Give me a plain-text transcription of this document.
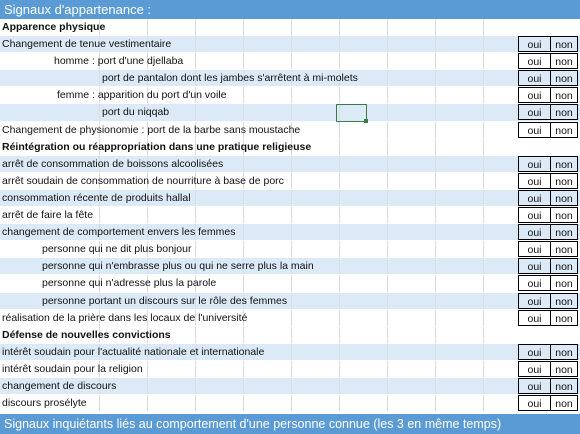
Signaux d'appartenance :
Apparence physique
Changement de tenue vestimentaire	oui	non
homme : port d'une djellaba	oui	non
port de pantalon dont les jambes s'arrêtent à mi-molets	oui	non
femme : apparition du port d'un voile	oui	non
port du niqqab	oui	non
Changement de physionomie : port de la barbe sans moustache	oui	non
Réintégration ou réappropriation dans une pratique religieuse
arrêt de consommation de boissons alcoolisées	oui	non
arrêt soudain de consommation de nourriture à base de porc	oui	non
consommation récente de produits hallal	oui	non
arrêt de faire la fête	oui	non
changement de comportement envers les femmes	oui	non
personne qui ne dit plus bonjour	oui	non
personne qui n'embrasse plus ou qui ne serre plus la main	oui	non
personne qui n'adresse plus la parole	oui	non
personne portant un discours sur le rôle des femmes	oui	non
réalisation de la prière dans les locaux de l'université	oui	non
Défense de nouvelles convictions
intérêt soudain pour l'actualité nationale et internationale	oui	non
intérêt soudain pour la religion	oui	non
changement de discours	oui	non
discours prosélyte	oui	non
Signaux inquiétants liés au comportement d'une personne connue (les 3 en même temps)
